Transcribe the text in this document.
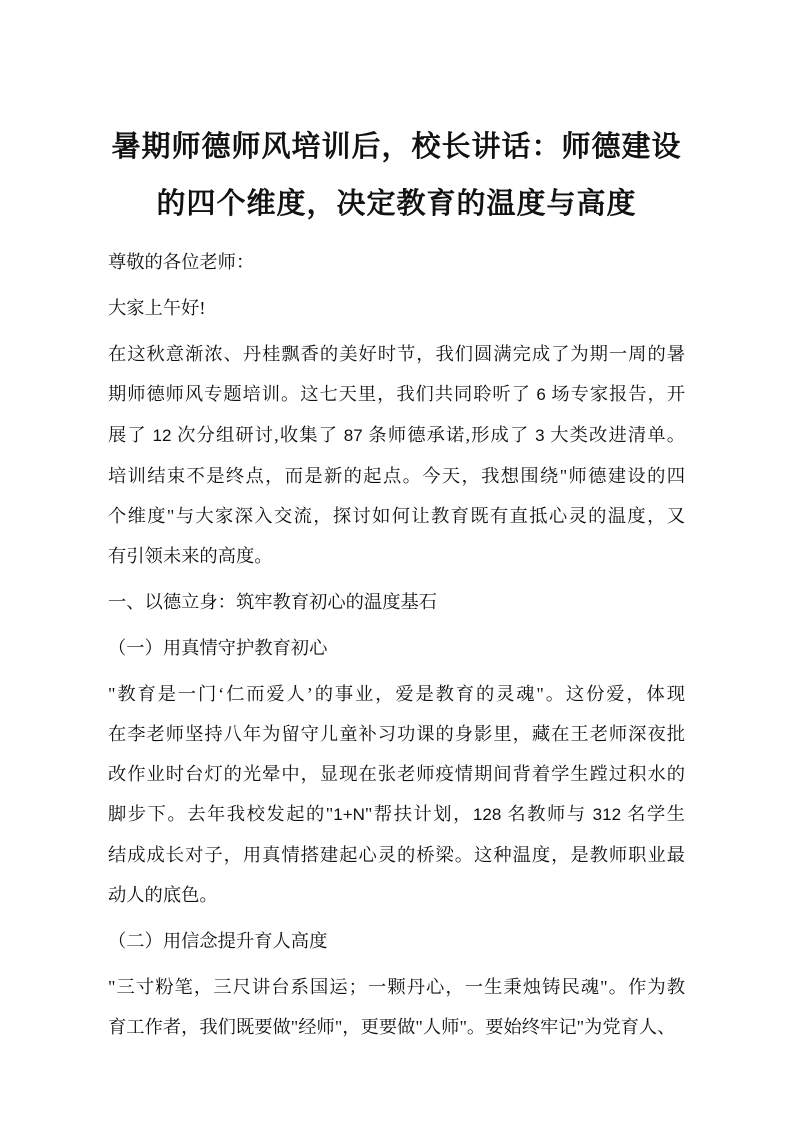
暑期师德师风培训后，校长讲话：师德建设
的四个维度，决定教育的温度与高度
尊敬的各位老师：
大家上午好!
在这秋意渐浓、丹桂飘香的美好时节，我们圆满完成了为期一周的暑
期师德师风专题培训。这七天里，我们共同聆听了 6 场专家报告，开
展了 12 次分组研讨,收集了 87 条师德承诺,形成了 3 大类改进清单。
培训结束不是终点，而是新的起点。今天，我想围绕"师德建设的四
个维度"与大家深入交流，探讨如何让教育既有直抵心灵的温度，又
有引领未来的高度。
一、以德立身：筑牢教育初心的温度基石
（一）用真情守护教育初心
"教育是一门‘仁而爱人’的事业，爱是教育的灵魂"。这份爱，体现
在李老师坚持八年为留守儿童补习功课的身影里，藏在王老师深夜批
改作业时台灯的光晕中，显现在张老师疫情期间背着学生蹚过积水的
脚步下。去年我校发起的"1+N"帮扶计划，128 名教师与 312 名学生
结成成长对子，用真情搭建起心灵的桥梁。这种温度，是教师职业最
动人的底色。
（二）用信念提升育人高度
"三寸粉笔，三尺讲台系国运；一颗丹心，一生秉烛铸民魂"。作为教
育工作者，我们既要做"经师"，更要做"人师"。要始终牢记"为党育人、
